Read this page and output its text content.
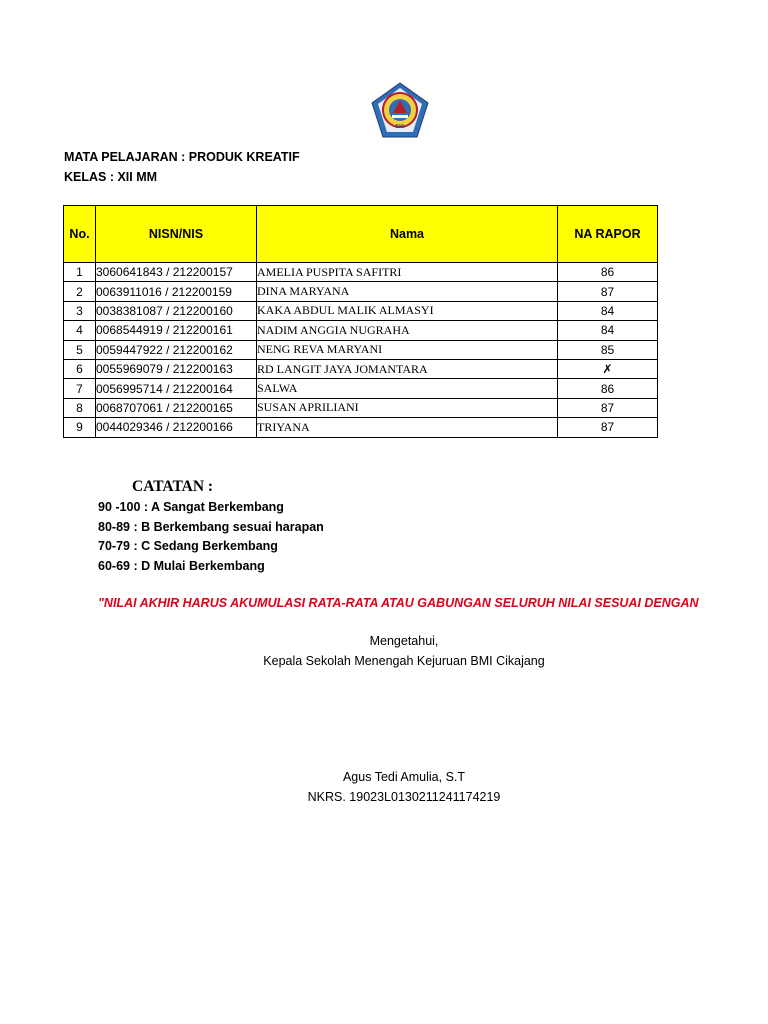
BMI
MATA PELAJARAN : PRODUK KREATIF
KELAS : XII MM
No.	NISN/NIS	Nama	NA RAPOR
1	3060641843 / 212200157	AMELIA PUSPITA SAFITRI	86
2	0063911016 / 212200159	DINA MARYANA	87
3	0038381087 / 212200160	KAKA ABDUL MALIK ALMASYI	84
4	0068544919 / 212200161	NADIM ANGGIA NUGRAHA	84
5	0059447922 / 212200162	NENG REVA MARYANI	85
6	0055969079 / 212200163	RD LANGIT JAYA JOMANTARA	✗
7	0056995714 / 212200164	SALWA	86
8	0068707061 / 212200165	SUSAN APRILIANI	87
9	0044029346 / 212200166	TRIYANA	87
CATATAN :
90 -100 : A Sangat Berkembang
80-89 : B Berkembang sesuai harapan
70-79 : C Sedang Berkembang
60-69 : D Mulai Berkembang
"NILAI AKHIR HARUS AKUMULASI RATA-RATA ATAU GABUNGAN SELURUH NILAI SESUAI DENGAN
Mengetahui,
Kepala Sekolah Menengah Kejuruan BMI Cikajang
Agus Tedi Amulia, S.T
NKRS. 19023L0130211241174219
